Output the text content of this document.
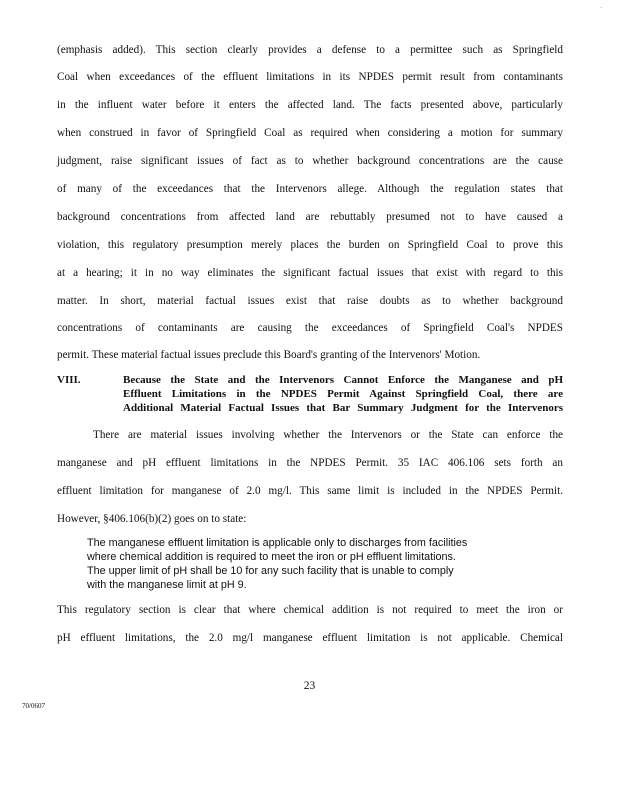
·
(emphasis added). This section clearly provides a defense to a permittee such as Springfield
Coal when exceedances of the effluent limitations in its NPDES permit result from contaminants
in the influent water before it enters the affected land. The facts presented above, particularly
when construed in favor of Springfield Coal as required when considering a motion for summary
judgment, raise significant issues of fact as to whether background concentrations are the cause
of many of the exceedances that the Intervenors allege. Although the regulation states that
background concentrations from affected land are rebuttably presumed not to have caused a
violation, this regulatory presumption merely places the burden on Springfield Coal to prove this
at a hearing; it in no way eliminates the significant factual issues that exist with regard to this
matter. In short, material factual issues exist that raise doubts as to whether background
concentrations of contaminants are causing the exceedances of Springfield Coal's NPDES
permit. These material factual issues preclude this Board's granting of the Intervenors' Motion.
VIII.	Because the State and the Intervenors Cannot Enforce the Manganese and pH
Effluent Limitations in the NPDES Permit Against Springfield Coal, there are
Additional Material Factual Issues that Bar Summary Judgment for the Intervenors
There are material issues involving whether the Intervenors or the State can enforce the
manganese and pH effluent limitations in the NPDES Permit. 35 IAC 406.106 sets forth an
effluent limitation for manganese of 2.0 mg/l. This same limit is included in the NPDES Permit.
However, §406.106(b)(2) goes on to state:
The manganese effluent limitation is applicable only to discharges from facilities
where chemical addition is required to meet the iron or pH effluent limitations.
The upper limit of pH shall be 10 for any such facility that is unable to comply
with the manganese limit at pH 9.
This regulatory section is clear that where chemical addition is not required to meet the iron or
pH effluent limitations, the 2.0 mg/l manganese effluent limitation is not applicable. Chemical
23
70/0607
